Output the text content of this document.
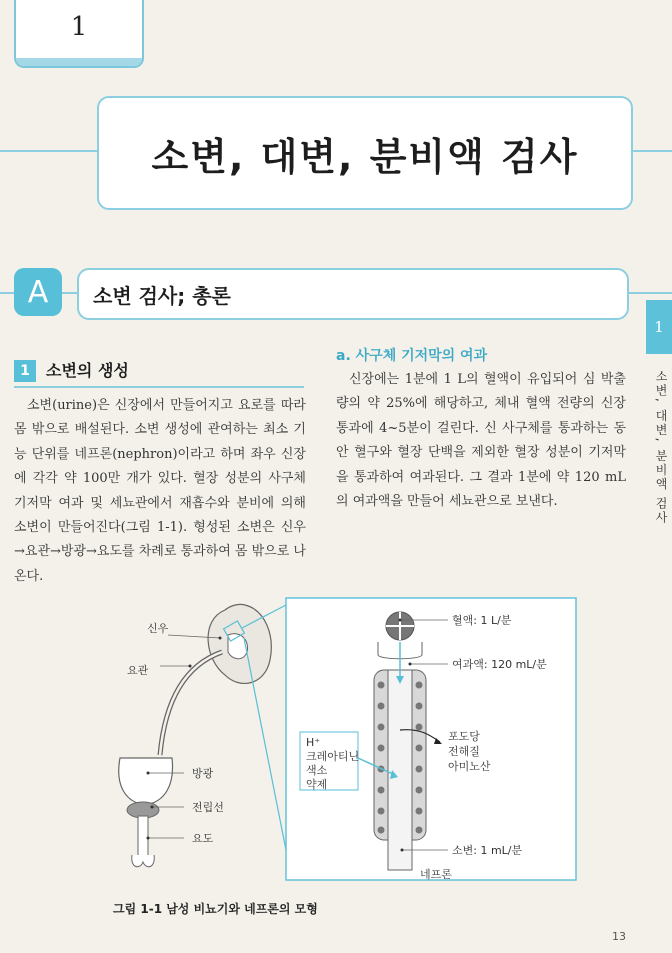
1
소변, 대변, 분비액 검사
A	소변 검사; 총론
1
소변, 대변, 분비액 검사
1	소변의 생성
소변(urine)은 신장에서 만들어지고 요로를 따라 몸 밖으로 배설된다. 소변 생성에 관여하는 최소 기능 단위를 네프론(nephron)이라고 하며 좌우 신장에 각각 약 100만 개가 있다. 혈장 성분의 사구체 기저막 여과 및 세뇨관에서 재흡수와 분비에 의해 소변이 만들어진다(그림 1-1). 형성된 소변은 신우→요관→방광→요도를 차례로 통과하여 몸 밖으로 나온다.
a. 사구체 기저막의 여과
신장에는 1분에 1 L의 혈액이 유입되어 심 박출량의 약 25%에 해당하고, 체내 혈액 전량의 신장 통과에 4~5분이 걸린다. 신 사구체를 통과하는 동안 혈구와 혈장 단백을 제외한 혈장 성분이 기저막을 통과하여 여과된다. 그 결과 1분에 약 120 mL의 여과액을 만들어 세뇨관으로 보낸다.
신우
요관
방광
전립선
요도
혈액: 1 L/분
여과액: 120 mL/분
포도당
전해질
아미노산
H⁺
크레아티닌
색소
약제
소변: 1 mL/분
네프론
그림 1-1 남성 비뇨기와 네프론의 모형
13
